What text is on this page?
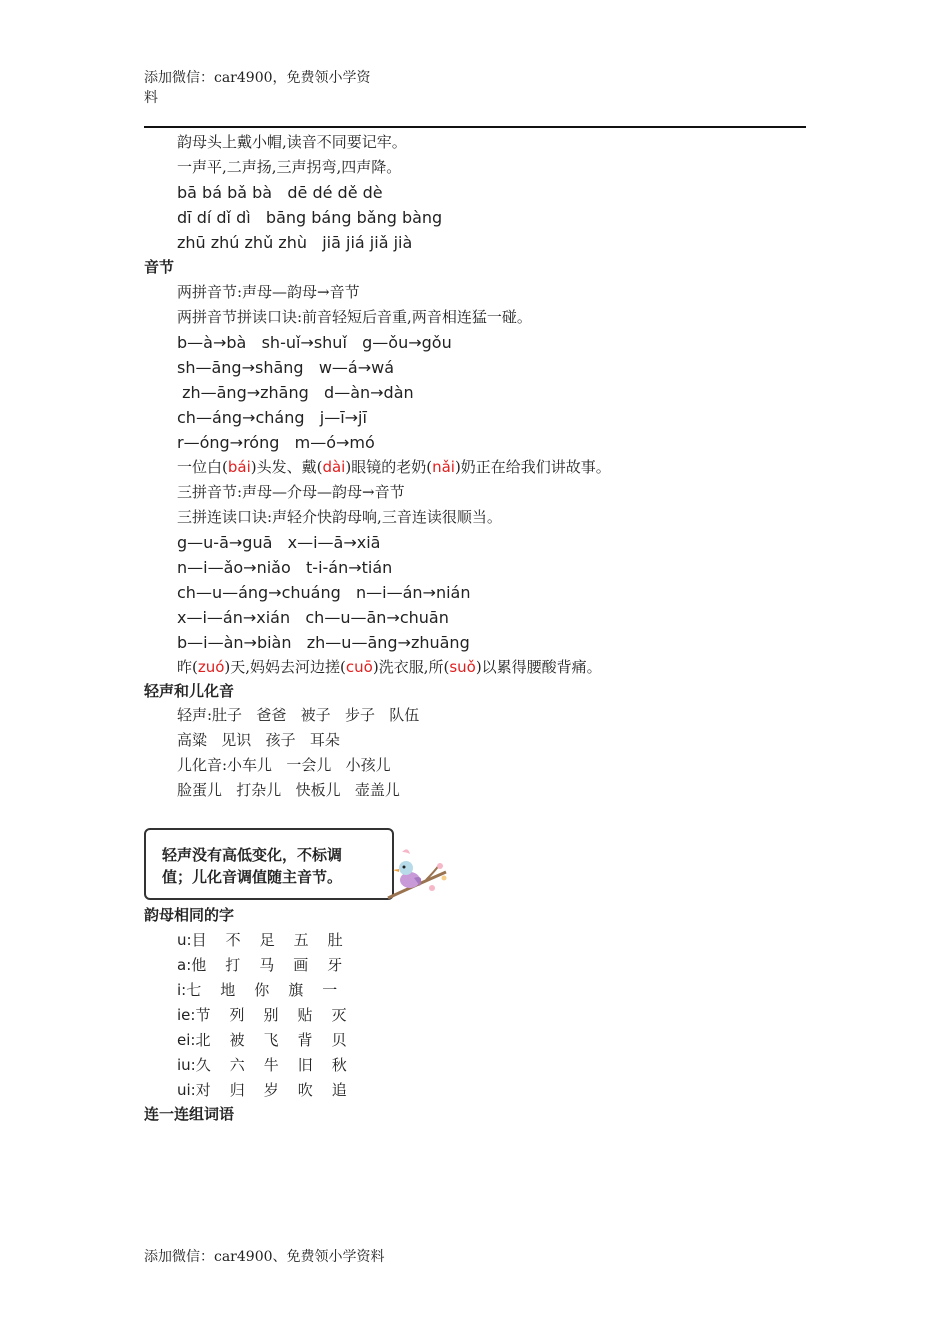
添加微信：car4900，免费领小学资
料
韵母头上戴小帽,读音不同要记牢。
一声平,二声扬,三声拐弯,四声降。
bā bá bǎ bà   dē dé dě dè
dī dí dǐ dì   bāng báng bǎng bàng
zhū zhú zhǔ zhù   jiā jiá jiǎ jià
音节
两拼音节:声母—韵母→音节
两拼音节拼读口诀:前音轻短后音重,两音相连猛一碰。
b—à→bà   sh-uǐ→shuǐ   g—ǒu→gǒu
sh—āng→shāng   w—á→wá
zh—āng→zhāng   d—àn→dàn
ch—áng→cháng   j—ī→jī
r—óng→róng   m—ó→mó
一位白(bái)头发、戴(dài)眼镜的老奶(nǎi)奶正在给我们讲故事。
三拼音节:声母—介母—韵母→音节
三拼连读口诀:声轻介快韵母响,三音连读很顺当。
g—u-ā→guā   x—i—ā→xiā
n—i—ǎo→niǎo   t-i-án→tián
ch—u—áng→chuáng   n—i—án→nián
x—i—án→xián   ch—u—ān→chuān
b—i—àn→biàn   zh—u—āng→zhuāng
昨(zuó)天,妈妈去河边搓(cuō)洗衣服,所(suǒ)以累得腰酸背痛。
轻声和儿化音
轻声:肚子   爸爸   被子   步子   队伍
高粱   见识   孩子   耳朵
儿化音:小车儿   一会儿   小孩儿
脸蛋儿   打杂儿   快板儿   壶盖儿
轻声没有高低变化，不标调
值；儿化音调值随主音节。
韵母相同的字
u: 目	不	足	五	肚
a: 他	打	马	画	牙
i: 七	地	你	旗	一
ie: 节	列	别	贴	灭
ei: 北	被	飞	背	贝
iu: 久	六	牛	旧	秋
ui: 对	归	岁	吹	追
连一连组词语
添加微信：car4900、免费领小学资料
